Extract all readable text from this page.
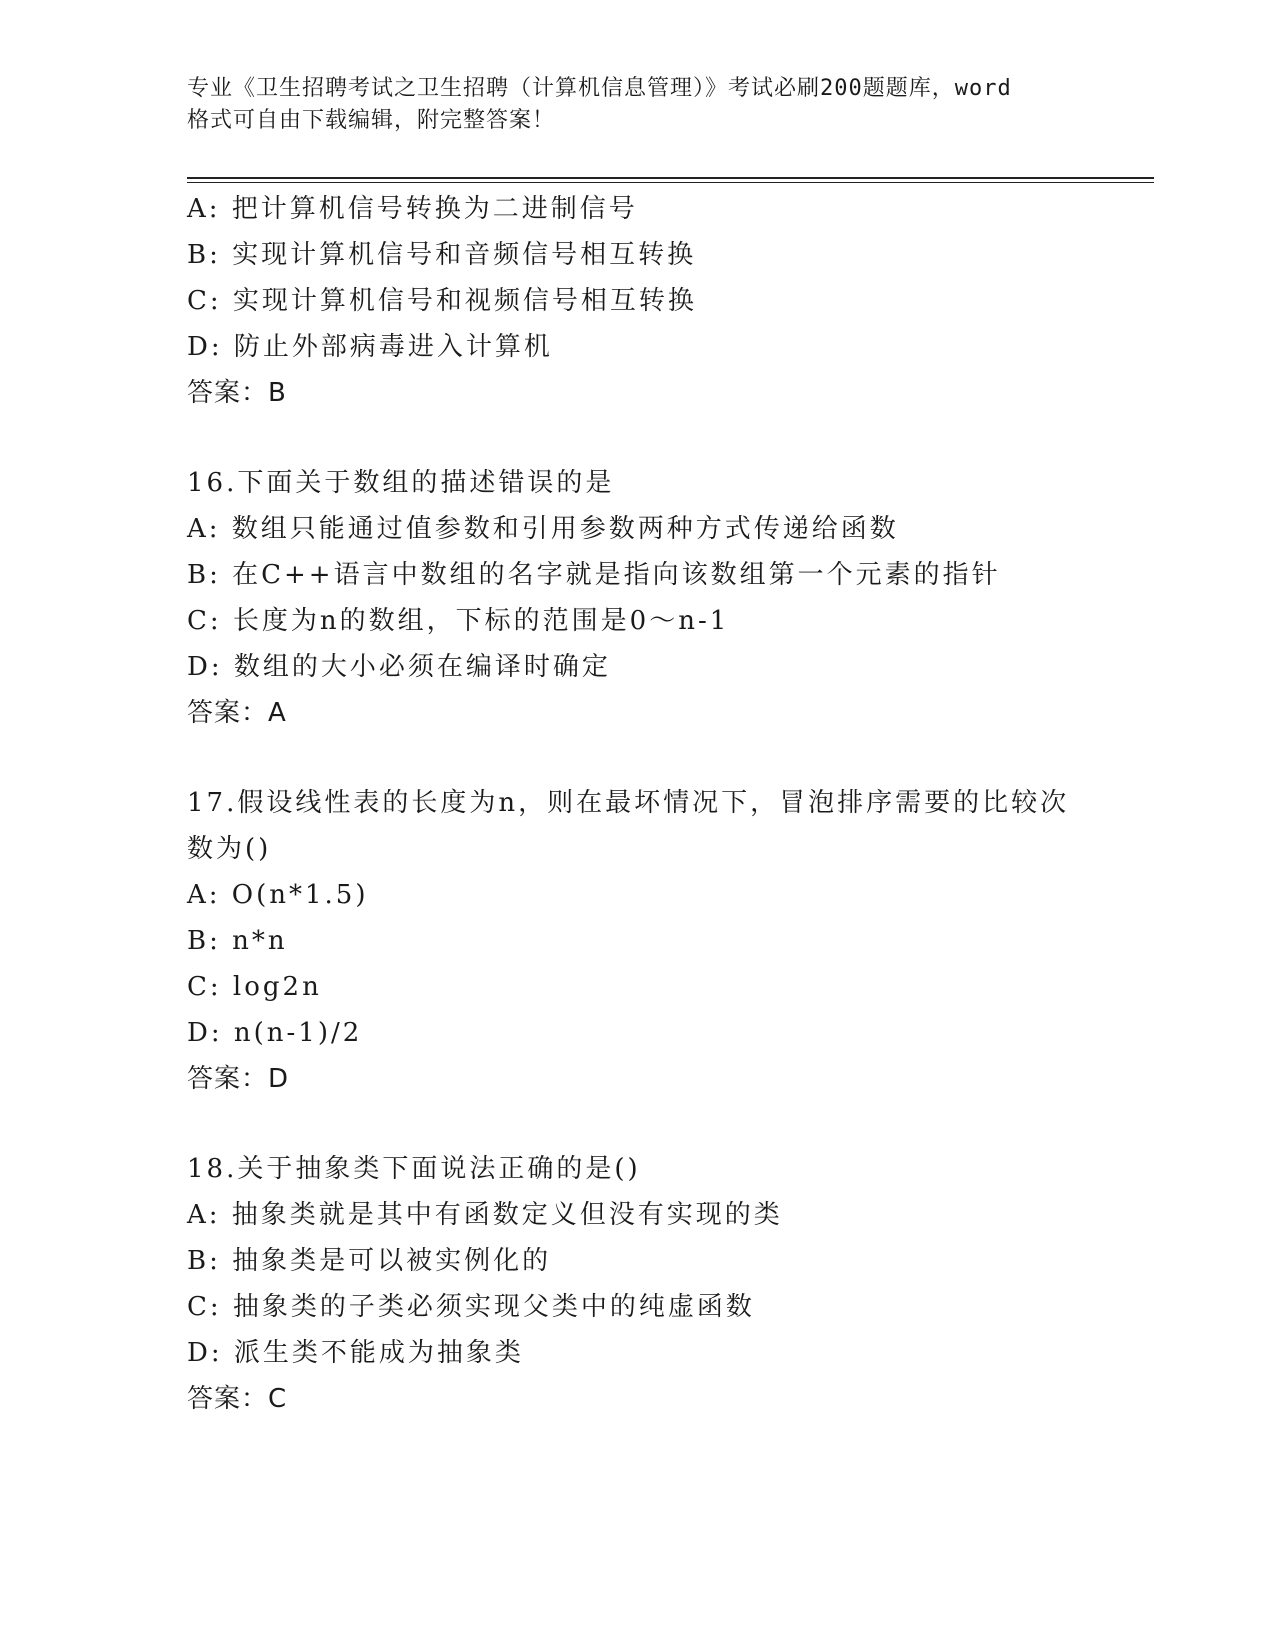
专业《卫生招聘考试之卫生招聘（计算机信息管理）》考试必刷200题题库，word
格式可自由下载编辑，附完整答案！
A: 把计算机信号转换为二进制信号
B: 实现计算机信号和音频信号相互转换
C: 实现计算机信号和视频信号相互转换
D: 防止外部病毒进入计算机
答案：B
16.下面关于数组的描述错误的是
A: 数组只能通过值参数和引用参数两种方式传递给函数
B: 在C++语言中数组的名字就是指向该数组第一个元素的指针
C: 长度为n的数组，下标的范围是0～n-1
D: 数组的大小必须在编译时确定
答案：A
17.假设线性表的长度为n，则在最坏情况下，冒泡排序需要的比较次
数为()
A: O(n*1.5)
B: n*n
C: log2n
D: n(n-1)/2
答案：D
18.关于抽象类下面说法正确的是()
A: 抽象类就是其中有函数定义但没有实现的类
B: 抽象类是可以被实例化的
C: 抽象类的子类必须实现父类中的纯虚函数
D: 派生类不能成为抽象类
答案：C
